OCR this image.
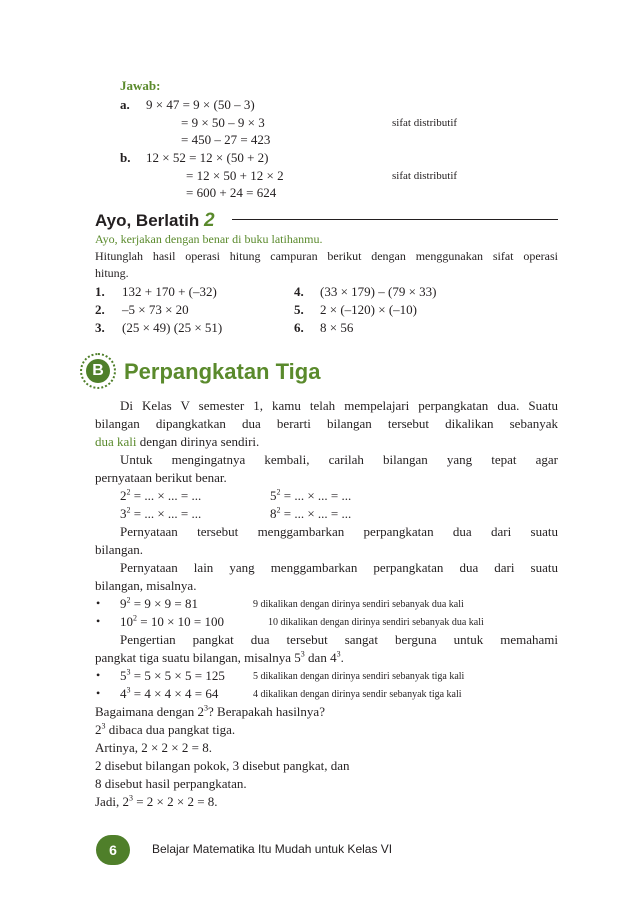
Jawab:
a. 9 × 47 = 9 × (50 – 3)
= 9 × 50 – 9 × 3	sifat distributif
= 450 – 27 = 423
b. 12 × 52 = 12 × (50 + 2)
= 12 × 50 + 12 × 2	sifat distributif
= 600 + 24 = 624
Ayo, Berlatih 2
Ayo, kerjakan dengan benar di buku latihanmu.
Hitunglah hasil operasi hitung campuran berikut dengan menggunakan sifat operasi
hitung.
1. 132 + 170 + (–32)
2. –5 × 73 × 20
3. (25 × 49) (25 × 51)
4. (33 × 179) – (79 × 33)
5. 2 × (–120) × (–10)
6. 8 × 56
B Perpangkatan Tiga
Di Kelas V semester 1, kamu telah mempelajari perpangkatan dua. Suatu
bilangan dipangkatkan dua berarti bilangan tersebut dikalikan sebanyak
dua kali dengan dirinya sendiri.
Untuk mengingatnya kembali, carilah bilangan yang tepat agar
pernyataan berikut benar.
$2^2$ = ... × ... = ...	$5^2$ = ... × ... = ...
$3^2$ = ... × ... = ...	$8^2$ = ... × ... = ...
Pernyataan tersebut menggambarkan perpangkatan dua dari suatu
bilangan.
Pernyataan lain yang menggambarkan perpangkatan dua dari suatu
bilangan, misalnya.
• $9^2 = 9 \times 9 = 81$	9 dikalikan dengan dirinya sendiri sebanyak dua kali
• $10^2 = 10 \times 10 = 100$	10 dikalikan dengan dirinya sendiri sebanyak dua kali
Pengertian pangkat dua tersebut sangat berguna untuk memahami
pangkat tiga suatu bilangan, misalnya $5^3$ dan $4^3$.
• $5^3 = 5 \times 5 \times 5 = 125$	5 dikalikan dengan dirinya sendiri sebanyak tiga kali
• $4^3 = 4 \times 4 \times 4 = 64$	4 dikalikan dengan dirinya sendir sebanyak tiga kali
Bagaimana dengan $2^3$? Berapakah hasilnya?
$2^3$ dibaca dua pangkat tiga.
Artinya, 2 × 2 × 2 = 8.
2 disebut bilangan pokok, 3 disebut pangkat, dan
8 disebut hasil perpangkatan.
Jadi, $2^3 = 2 \times 2 \times 2 = 8$.
6	Belajar Matematika Itu Mudah untuk Kelas VI
